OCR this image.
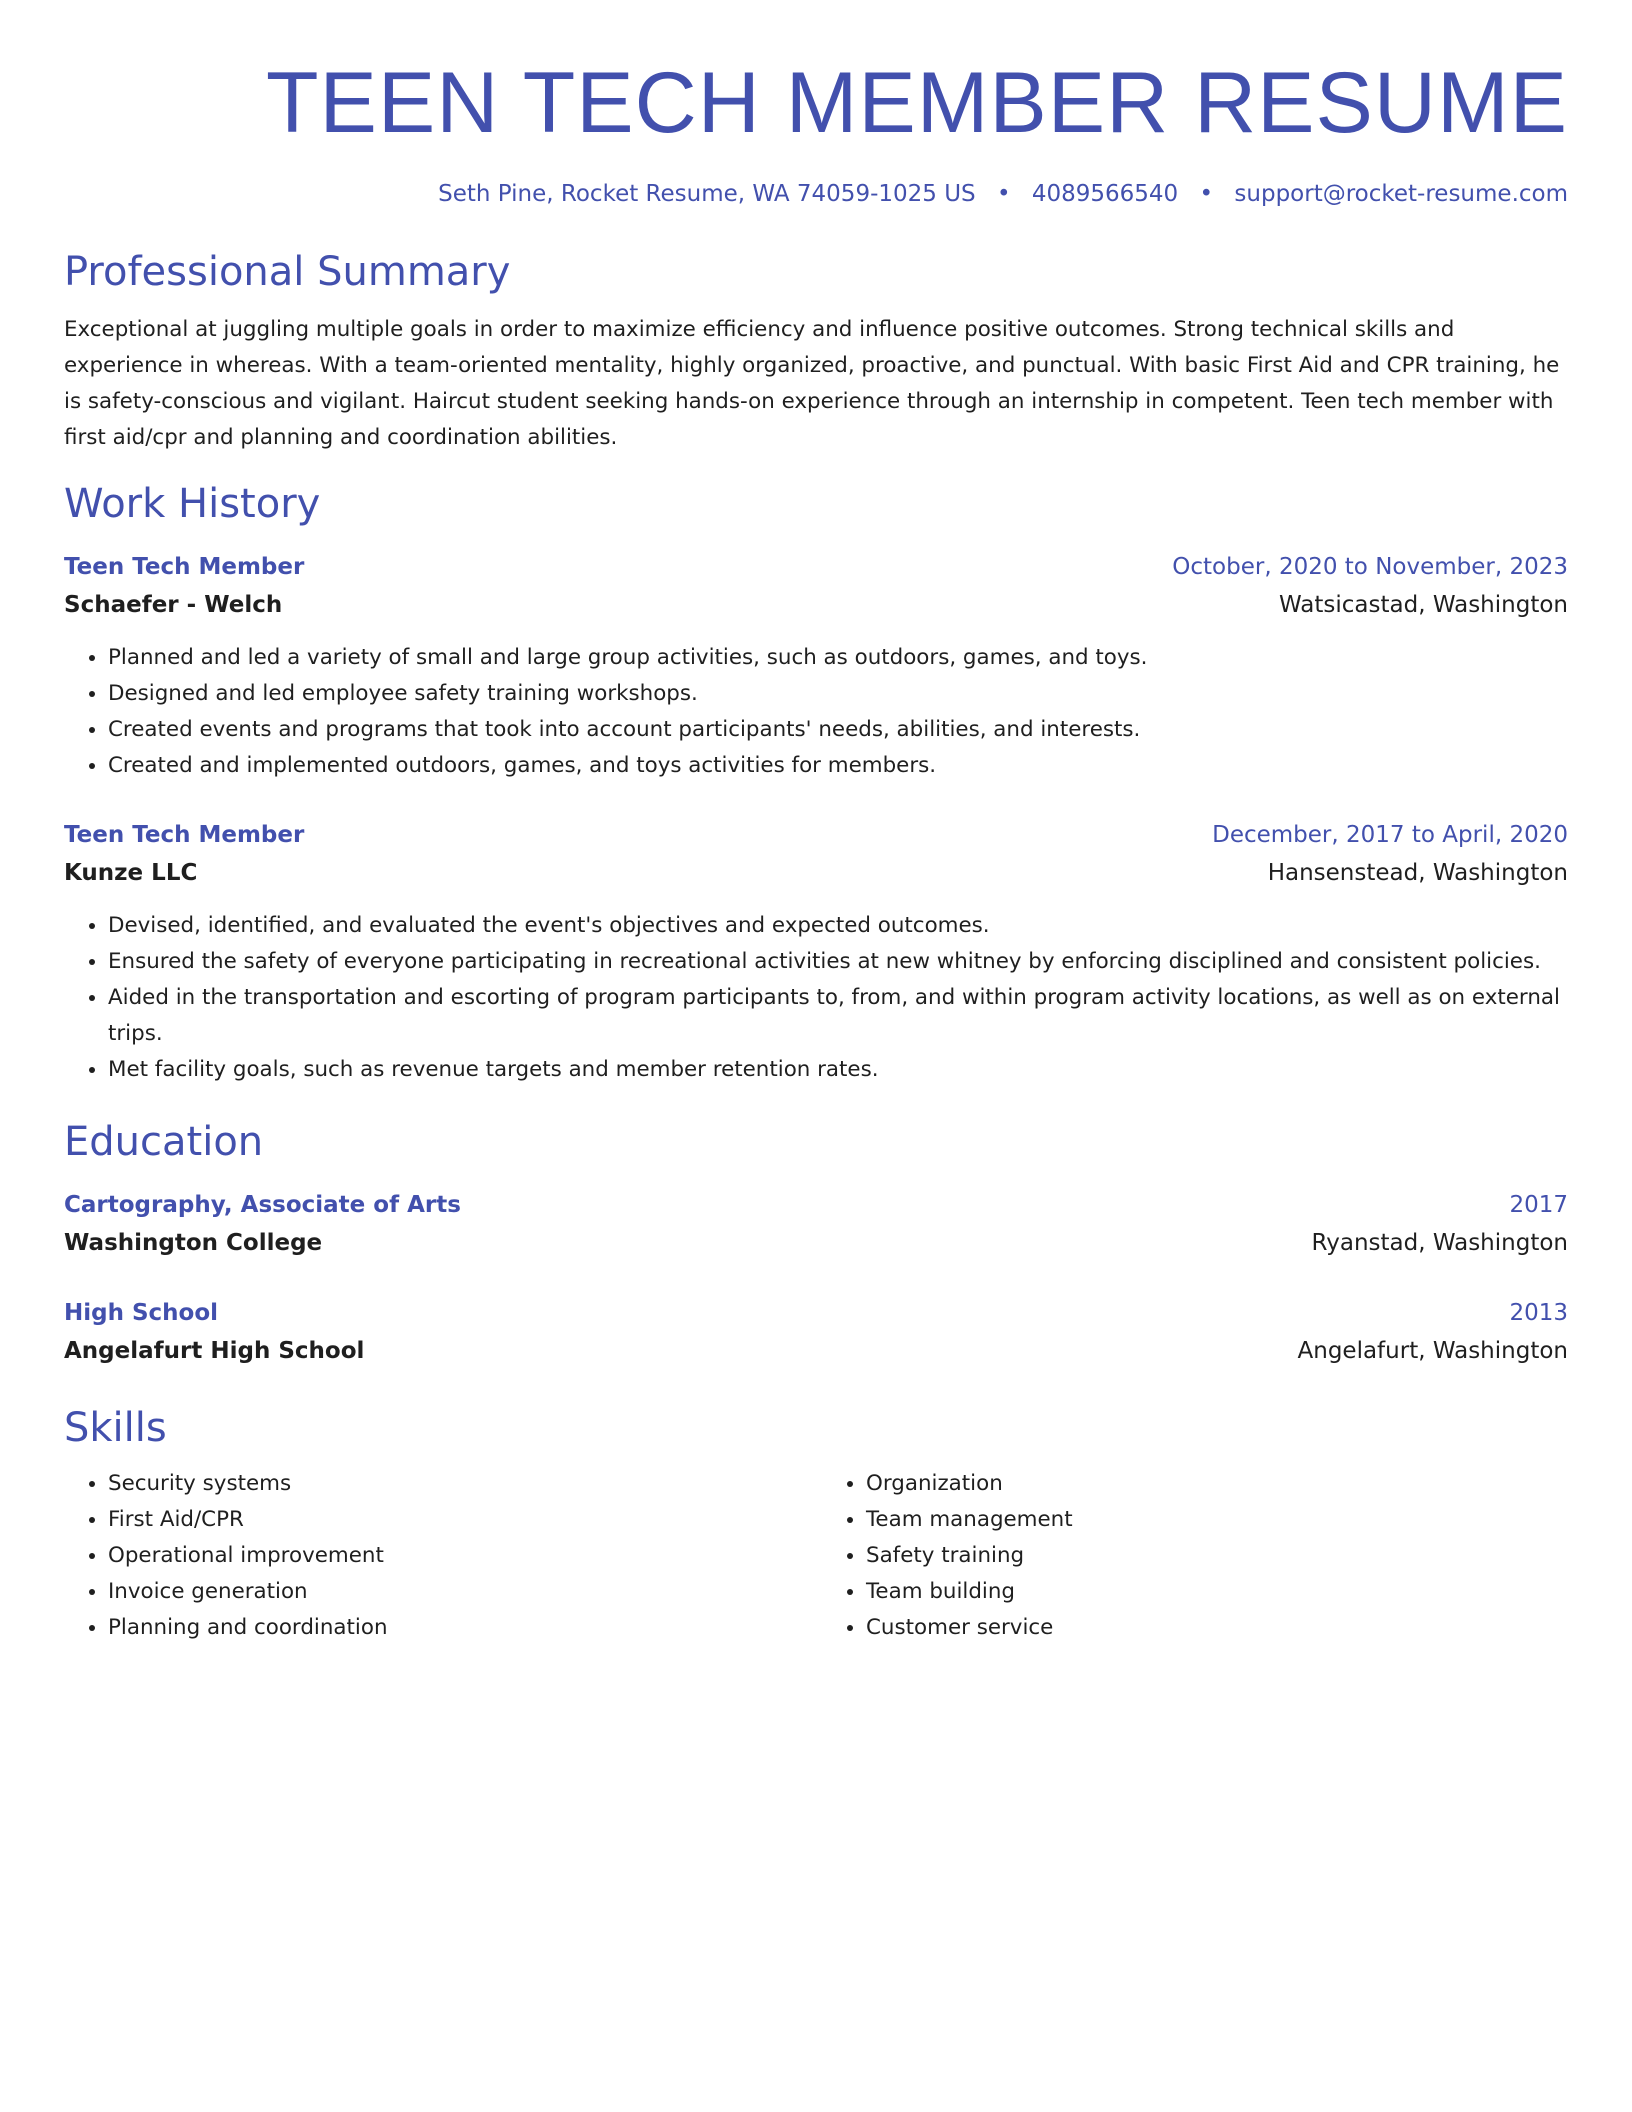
TEEN TECH MEMBER RESUME
Seth Pine, Rocket Resume, WA 74059-1025 US • 4089566540 • support@rocket-resume.com
Professional Summary

Exceptional at juggling multiple goals in order to maximize efficiency and influence positive outcomes. Strong technical skills and experience in whereas. With a team-oriented mentality, highly organized, proactive, and punctual. With basic First Aid and CPR training, he is safety-conscious and vigilant. Haircut student seeking hands-on experience through an internship in competent. Teen tech member with first aid/cpr and planning and coordination abilities.

Work History
Teen Tech Member	October, 2020 to November, 2023
Schaefer - Welch	Watsicastad, Washington
• Planned and led a variety of small and large group activities, such as outdoors, games, and toys.
• Designed and led employee safety training workshops.
• Created events and programs that took into account participants' needs, abilities, and interests.
• Created and implemented outdoors, games, and toys activities for members.
Teen Tech Member	December, 2017 to April, 2020
Kunze LLC	Hansenstead, Washington
• Devised, identified, and evaluated the event's objectives and expected outcomes.
• Ensured the safety of everyone participating in recreational activities at new whitney by enforcing disciplined and consistent policies.
• Aided in the transportation and escorting of program participants to, from, and within program activity locations, as well as on external trips.
• Met facility goals, such as revenue targets and member retention rates.
Education
Cartography, Associate of Arts	2017
Washington College	Ryanstad, Washington
High School	2013
Angelafurt High School	Angelafurt, Washington
Skills
• Security systems
• First Aid/CPR
• Operational improvement
• Invoice generation
• Planning and coordination
• Organization
• Team management
• Safety training
• Team building
• Customer service
